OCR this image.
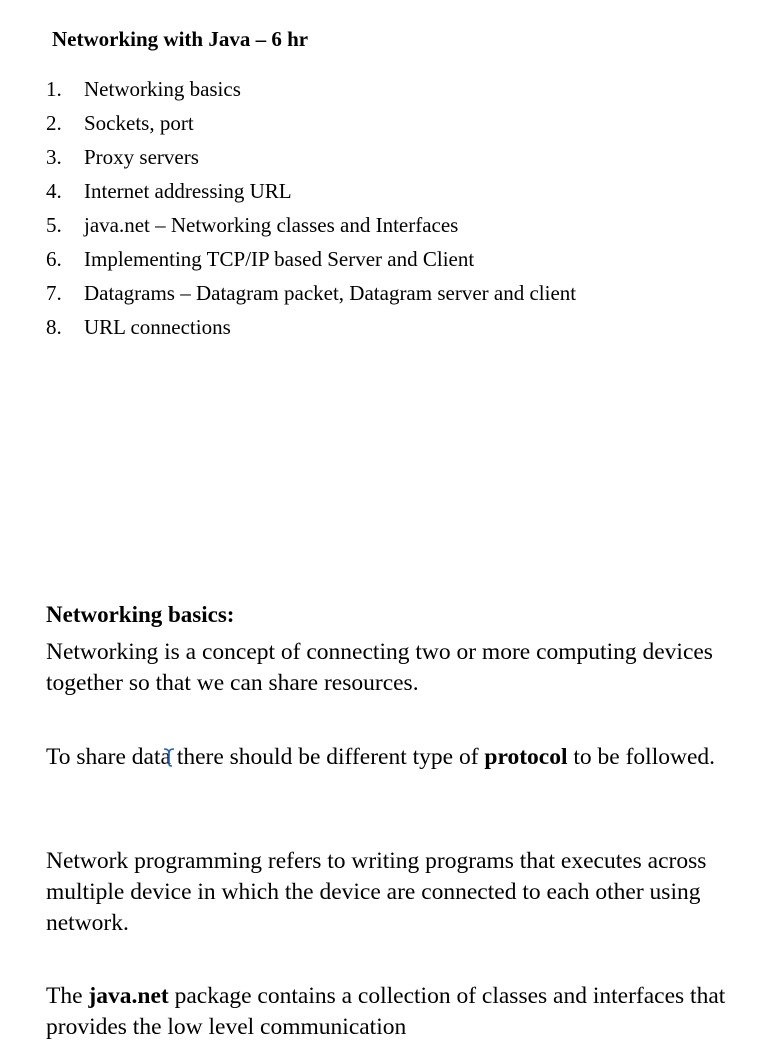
Networking with Java – 6 hr
1. Networking basics
2. Sockets, port
3. Proxy servers
4. Internet addressing URL
5. java.net – Networking classes and Interfaces
6. Implementing TCP/IP based Server and Client
7. Datagrams – Datagram packet, Datagram server and client
8. URL connections
Networking basics:

Networking is a concept of connecting two or more computing devices together so that we can share resources.

To share data
there should be different type of protocol to be followed.

Network programming refers to writing programs that executes across multiple device in which the device are connected to each other using network.

The java.net package contains a collection of classes and interfaces that provides the low level communication
